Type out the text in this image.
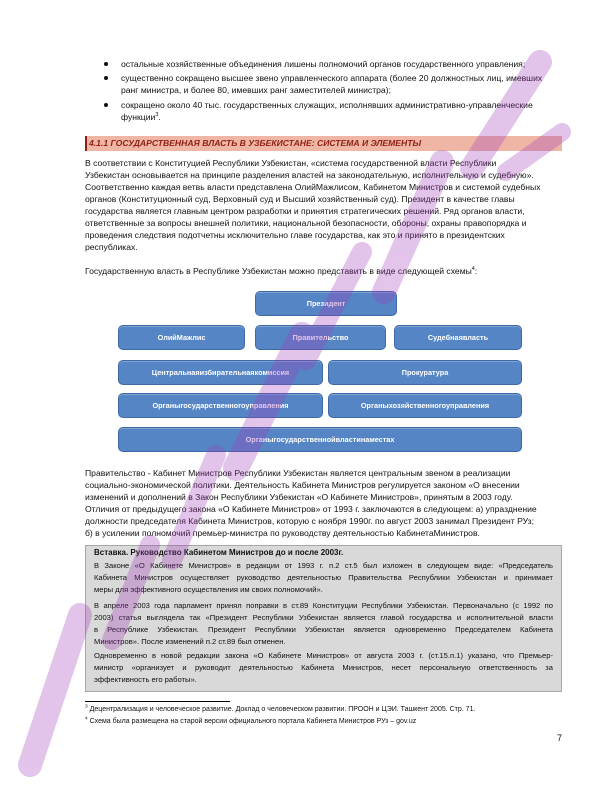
остальные хозяйственные объединения лишены полномочий органов государственного управления;
существенно сокращено высшее звено управленческого аппарата (более 20 должностных лиц, имевших
ранг министра, и более 80, имевших ранг заместителей министра);
сокращено около 40 тыс. государственных служащих, исполнявших административно-управленческие
функции$^3$.
4.1.1 ГОСУДАРСТВЕННАЯ ВЛАСТЬ В УЗБЕКИСТАНЕ: СИСТЕМА И ЭЛЕМЕНТЫ
В соответствии с Конституцией Республики Узбекистан, «система государственной власти Республики
Узбекистан основывается на принципе разделения властей на законодательную, исполнительную и судебную».
Соответственно каждая ветвь власти представлена ОлийМажлисом, Кабинетом Министров и системой судебных
органов (Конституционный суд, Верховный суд и Высший хозяйственный суд). Президент в качестве главы
государства является главным центром разработки и принятия стратегических решений. Ряд органов власти,
ответственные за вопросы внешней политики, национальной безопасности, обороны, охраны правопорядка и
проведения следствия подотчетны исключительно главе государства, как это и принято в президентских
республиках.
Государственную власть в Республике Узбекистан можно представить в виде следующей схемы$^4$:
Президент
ОлийМажлис	Правительство	Судебнаявласть
Центральнаяизбирательнаякомиссия	Прокуратура
Органыгосударственногоуправления	Органыхозяйственногоуправления
Органыгосударственнойвластинаместах
Правительство - Кабинет Министров Республики Узбекистан является центральным звеном в реализации
социально-экономической политики. Деятельность Кабинета Министров регулируется законом «О внесении
изменений и дополнений в Закон Республики Узбекистан «О Кабинете Министров», принятым в 2003 году.
Отличия от предыдущего закона «О Кабинете Министров» от 1993 г. заключаются в следующем: а) упразднение
должности председателя Кабинета Министров, которую с ноября 1990г. по август 2003 занимал Президент РУз;
б) в усилении полномочий премьер-министра по руководству деятельностью КабинетаМинистров.
Вставка. Руководство Кабинетом Министров до и после 2003г.
В Законе «О Кабинете Министров» в редакции от 1993 г. п.2 ст.5 был изложен в следующем виде: «Председатель
Кабинета Министров осуществляет руководство деятельностью Правительства Республики Узбекистан и принимает
меры для эффективного осуществления им своих полномочий».
В апреле 2003 года парламент принял поправки в ст.89 Конституции Республики Узбекистан. Первоначально (с 1992 по
2003) статья выглядела так «Президент Республики Узбекистан является главой государства и исполнительной власти
в Республике Узбекистан. Президент Республики Узбекистан является одновременно Председателем Кабинета
Министров». После изменений п.2 ст.89 был отменен.
Одновременно в новой редакции закона «О Кабинете Министров» от августа 2003 г. (ст.15.п.1) указано, что Премьер-
министр «организует и руководит деятельностью Кабинета Министров, несет персональную ответственность за
эффективность его работы».
$^3$ Децентрализация и человеческое развитие. Доклад о человеческом развитии. ПРООН и ЦЭИ. Ташкент 2005. Стр. 71.
$^4$ Схема была размещена на старой версии официального портала Кабинета Министров РУз – gov.uz
7
